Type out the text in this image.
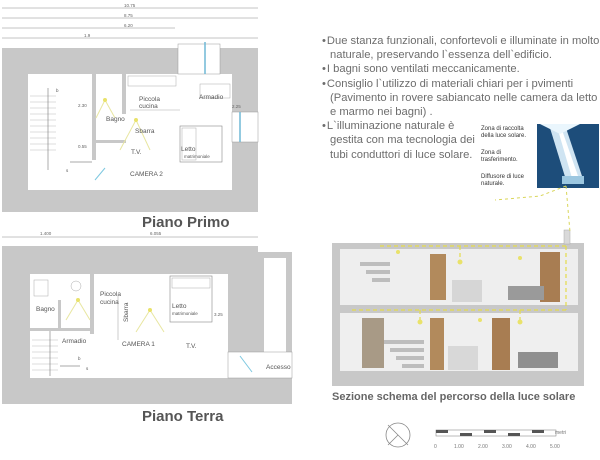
10.75
8.75
6.20
1.9
b
s
Bagno
Piccola
cucina
Armadio
Sbarra
T.V.	Letto
matrimoniale
CAMERA 2
2.30
0.55
2.25
1.400	6.055
b
s
Bagno
Armadio
Piccola
cucina Sbarra	Letto
matrimoniale	3.25
CAMERA 1	T.V.
Accesso
Piano Primo
Piano Terra
• Due stanza funzionali, confortevoli e illuminate in molto naturale, preservando l`essenza dell`edificio.
• I bagni sono ventilati meccanicamente.
• Consiglio l`utilizzo di materiali chiari per i pvimenti (Pavimento in rovere sabiancato nelle camera da letto e marmo nei bagni) .
• L`illuminazione naturale è gestita con ma tecnologia dei tubi conduttori di luce solare.
Zona di raccolta della luce solare.
Zona di trasferimento.
Diffusore di luce naturale.
Sezione schema del percorso della luce solare
metri
0	1.00	2.00	3.00	4.00	5.00
